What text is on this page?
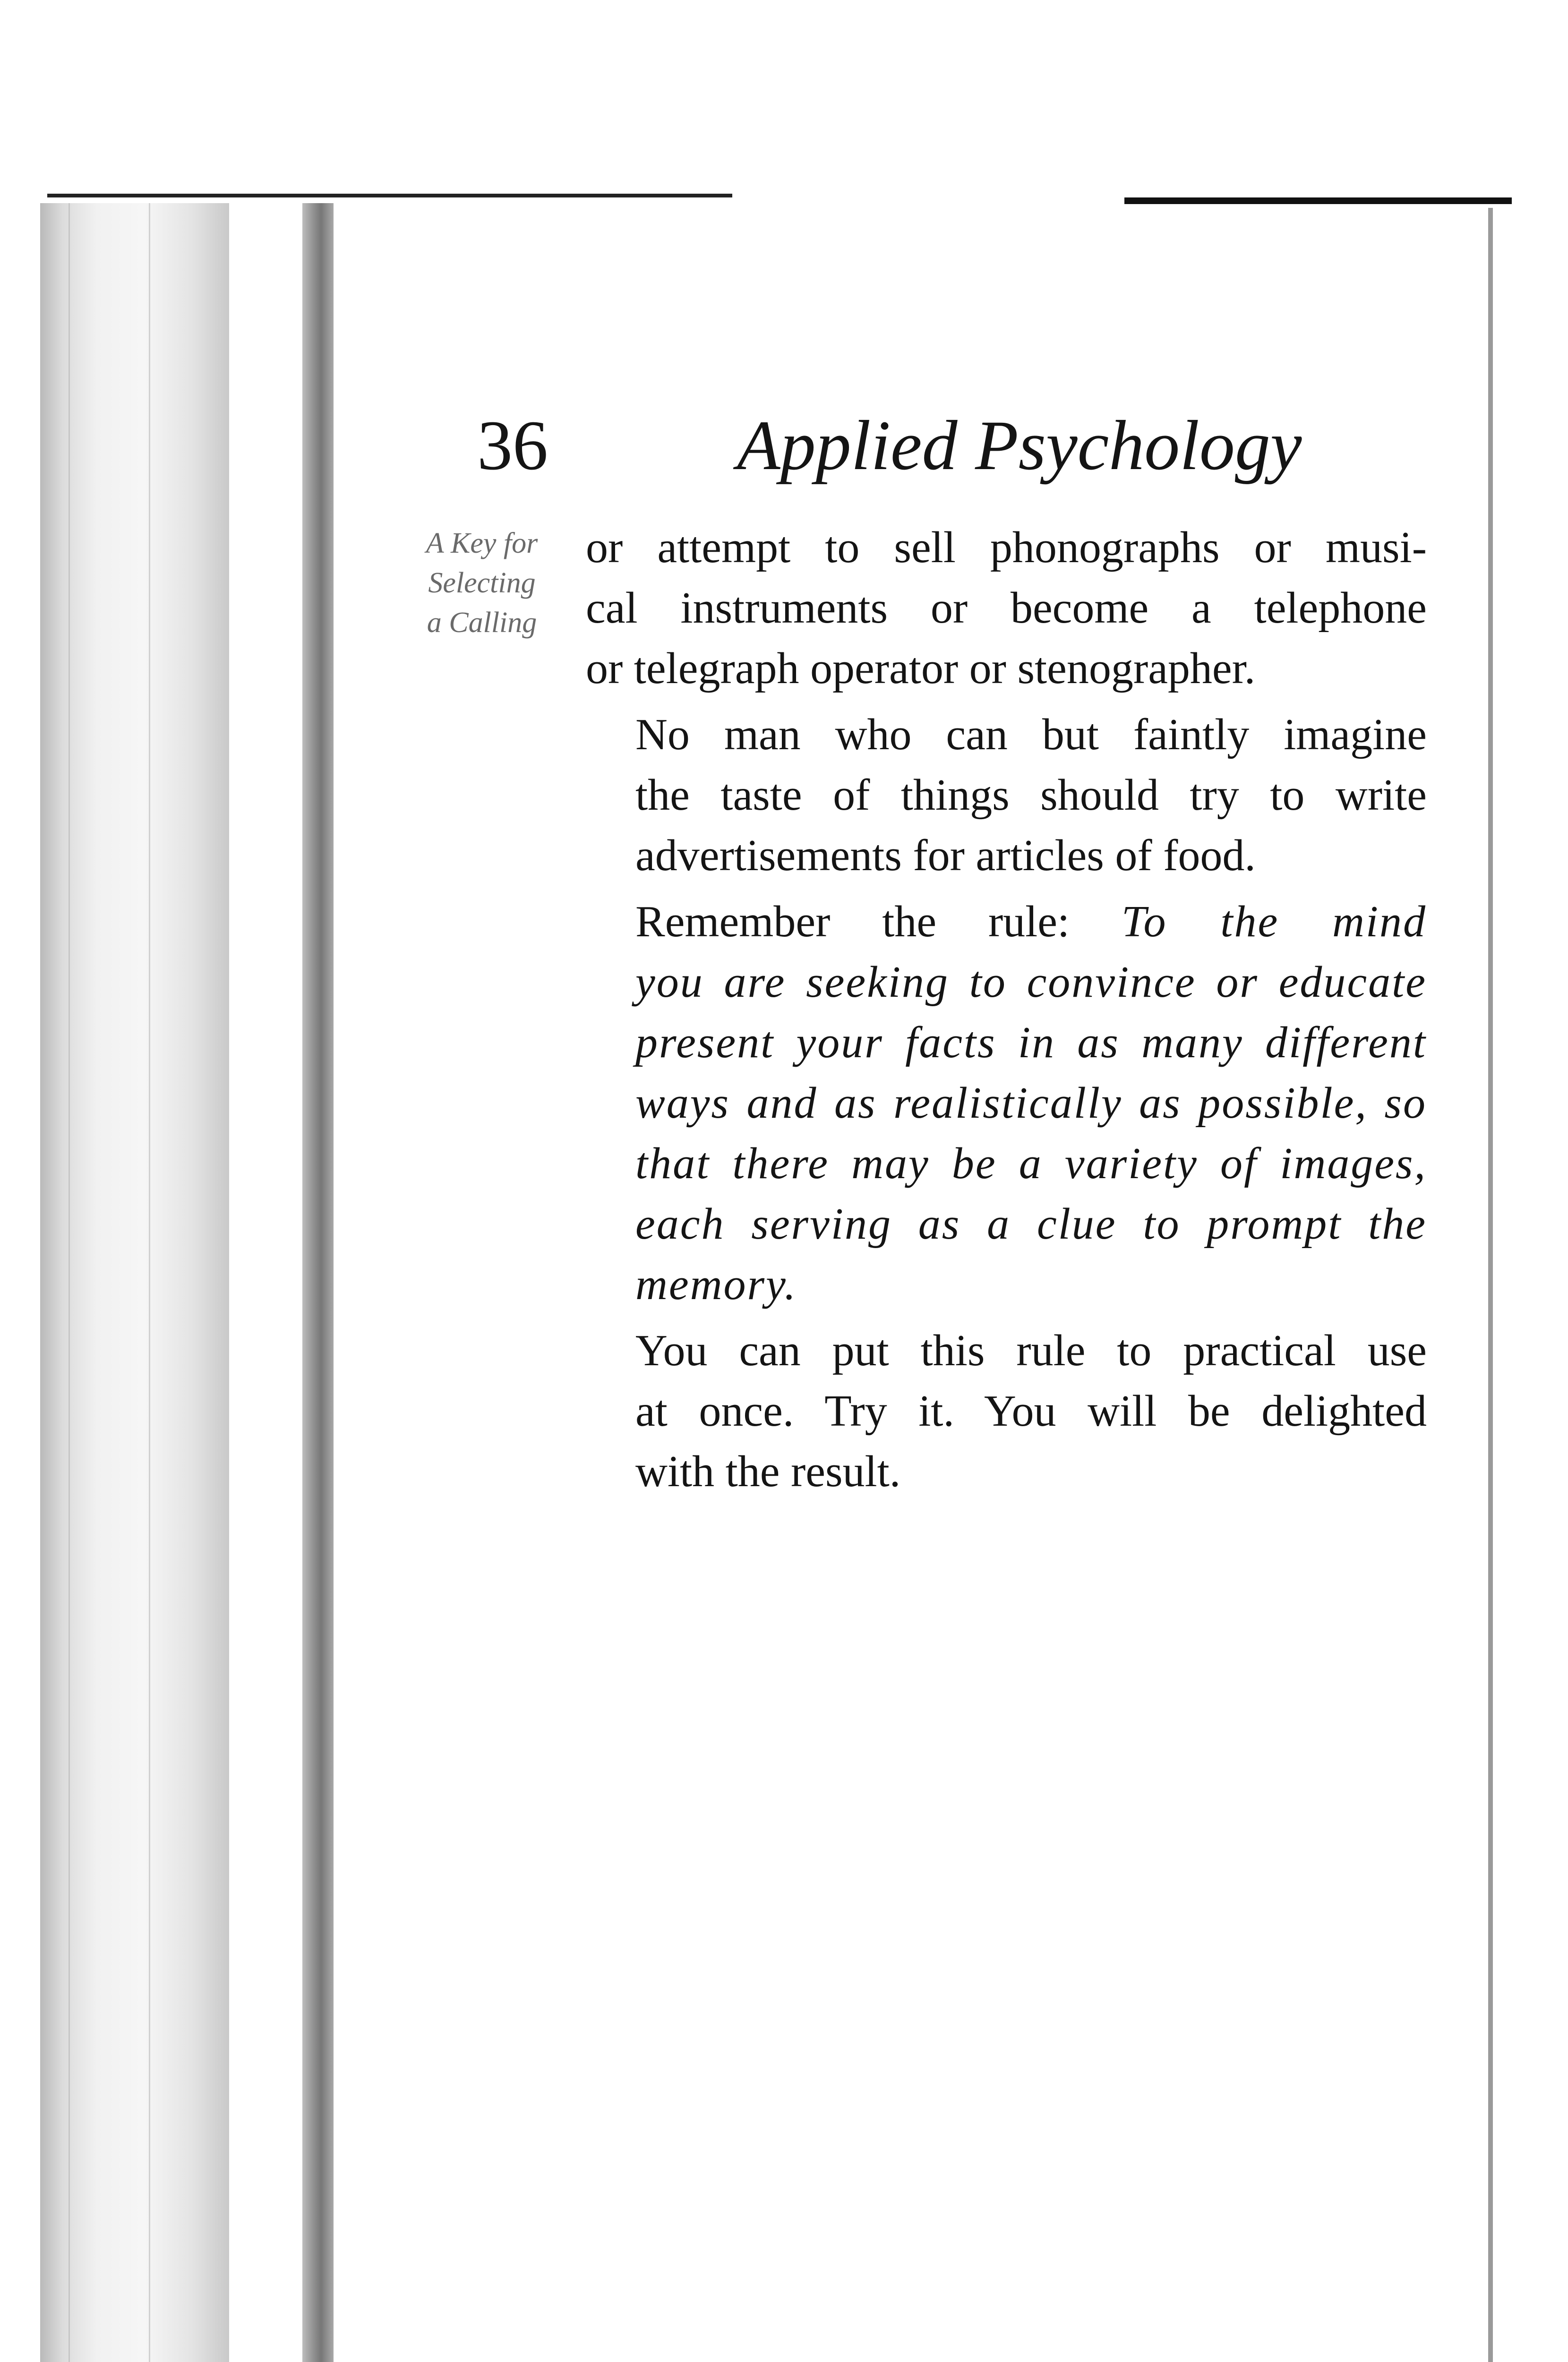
36	Applied Psychology
A Key for
Selecting
a Calling

or attempt to sell phonographs or musi-
cal instruments or become a telephone
or telegraph operator or stenographer.

No man who can but faintly imagine
the taste of things should try to write
advertisements for articles of food.

Remember the rule: To the mind
you are seeking to convince or educate
present your facts in as many different
ways and as realistically as possible, so
that there may be a variety of images,
each serving as a clue to prompt the
memory.

You can put this rule to practical use
at once. Try it. You will be delighted
with the result.
